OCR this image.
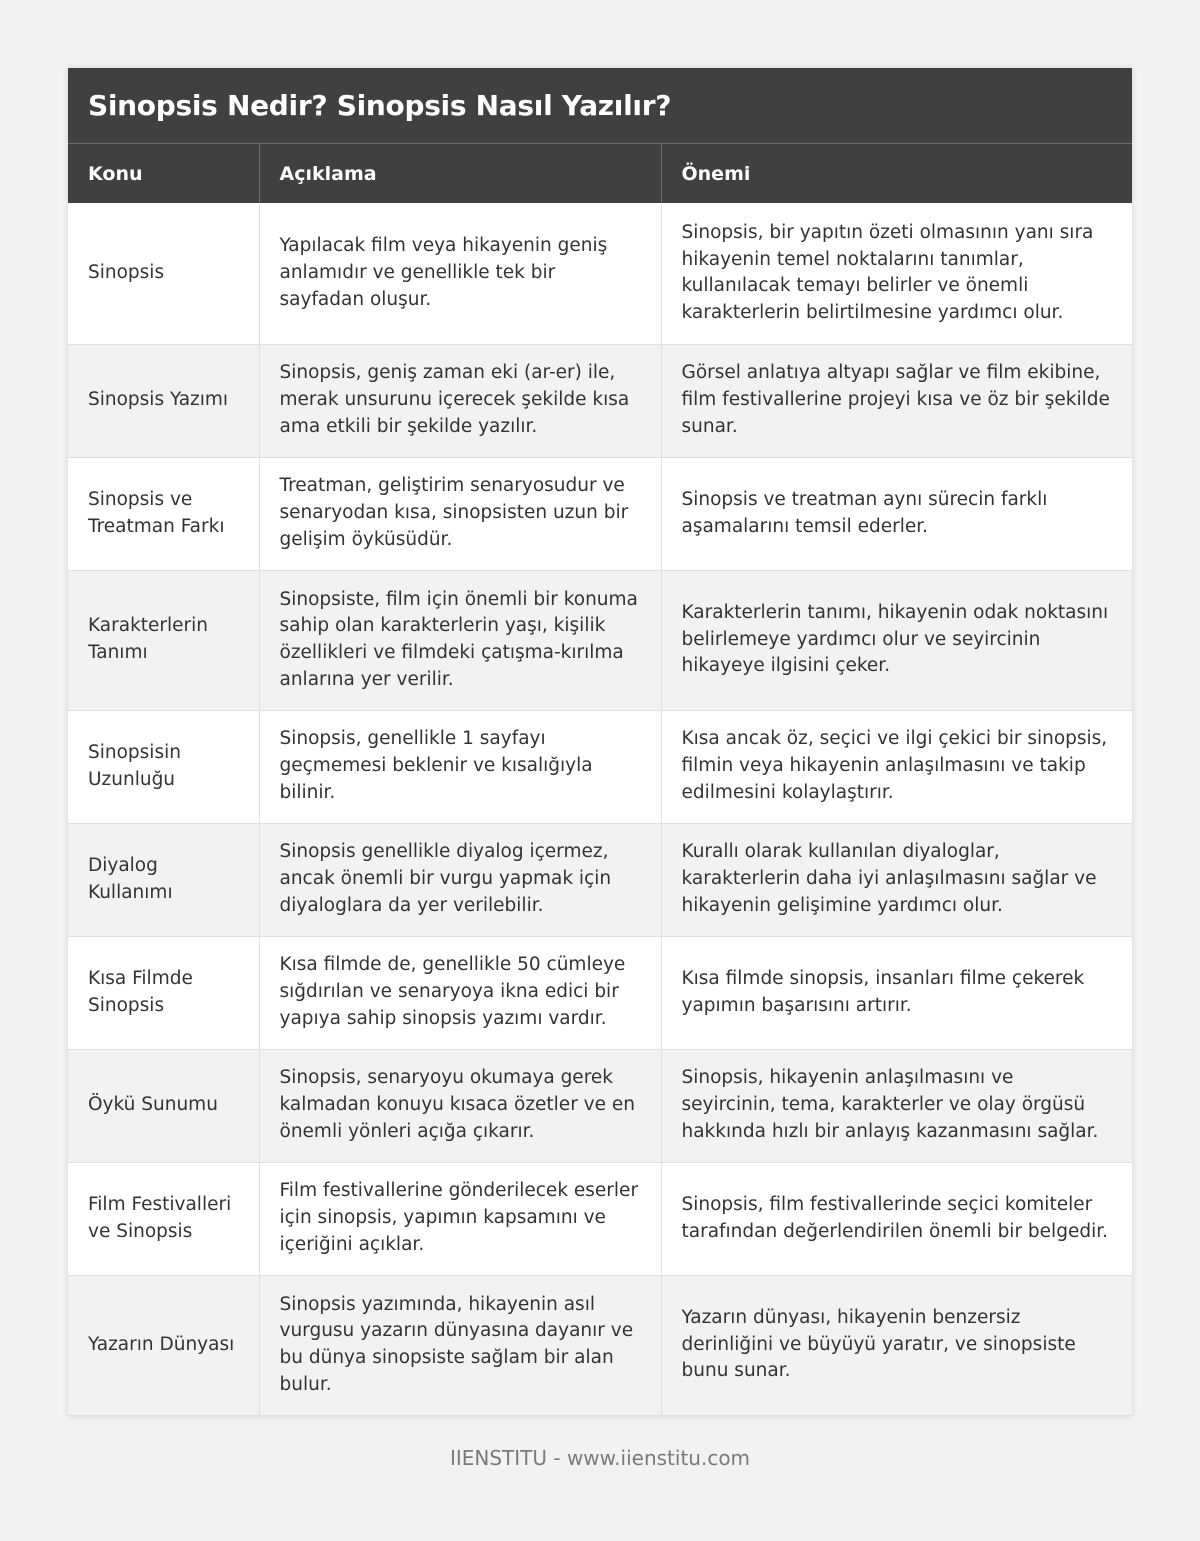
Sinopsis Nedir? Sinopsis Nasıl Yazılır?
Konu	Açıklama	Önemi
Sinopsis	Yapılacak film veya hikayenin geniş anlamıdır ve genellikle tek bir sayfadan oluşur.	Sinopsis, bir yapıtın özeti olmasının yanı sıra hikayenin temel noktalarını tanımlar, kullanılacak temayı belirler ve önemli karakterlerin belirtilmesine yardımcı olur.
Sinopsis Yazımı	Sinopsis, geniş zaman eki (ar-er) ile, merak unsurunu içerecek şekilde kısa ama etkili bir şekilde yazılır.	Görsel anlatıya altyapı sağlar ve film ekibine, film festivallerine projeyi kısa ve öz bir şekilde sunar.
Sinopsis ve Treatman Farkı	Treatman, geliştirim senaryosudur ve senaryodan kısa, sinopsisten uzun bir gelişim öyküsüdür.	Sinopsis ve treatman aynı sürecin farklı aşamalarını temsil ederler.
Karakterlerin Tanımı	Sinopsiste, film için önemli bir konuma sahip olan karakterlerin yaşı, kişilik özellikleri ve filmdeki çatışma-kırılma anlarına yer verilir.	Karakterlerin tanımı, hikayenin odak noktasını belirlemeye yardımcı olur ve seyircinin hikayeye ilgisini çeker.
Sinopsisin Uzunluğu	Sinopsis, genellikle 1 sayfayı geçmemesi beklenir ve kısalığıyla bilinir.	Kısa ancak öz, seçici ve ilgi çekici bir sinopsis, filmin veya hikayenin anlaşılmasını ve takip edilmesini kolaylaştırır.
Diyalog Kullanımı	Sinopsis genellikle diyalog içermez, ancak önemli bir vurgu yapmak için diyaloglara da yer verilebilir.	Kurallı olarak kullanılan diyaloglar, karakterlerin daha iyi anlaşılmasını sağlar ve hikayenin gelişimine yardımcı olur.
Kısa Filmde Sinopsis	Kısa filmde de, genellikle 50 cümleye sığdırılan ve senaryoya ikna edici bir yapıya sahip sinopsis yazımı vardır.	Kısa filmde sinopsis, insanları filme çekerek yapımın başarısını artırır.
Öykü Sunumu	Sinopsis, senaryoyu okumaya gerek kalmadan konuyu kısaca özetler ve en önemli yönleri açığa çıkarır.	Sinopsis, hikayenin anlaşılmasını ve seyircinin, tema, karakterler ve olay örgüsü hakkında hızlı bir anlayış kazanmasını sağlar.
Film Festivalleri ve Sinopsis	Film festivallerine gönderilecek eserler için sinopsis, yapımın kapsamını ve içeriğini açıklar.	Sinopsis, film festivallerinde seçici komiteler tarafından değerlendirilen önemli bir belgedir.
Yazarın Dünyası	Sinopsis yazımında, hikayenin asıl vurgusu yazarın dünyasına dayanır ve bu dünya sinopsiste sağlam bir alan bulur.	Yazarın dünyası, hikayenin benzersiz derinliğini ve büyüyü yaratır, ve sinopsiste bunu sunar.
IIENSTITU - www.iienstitu.com
